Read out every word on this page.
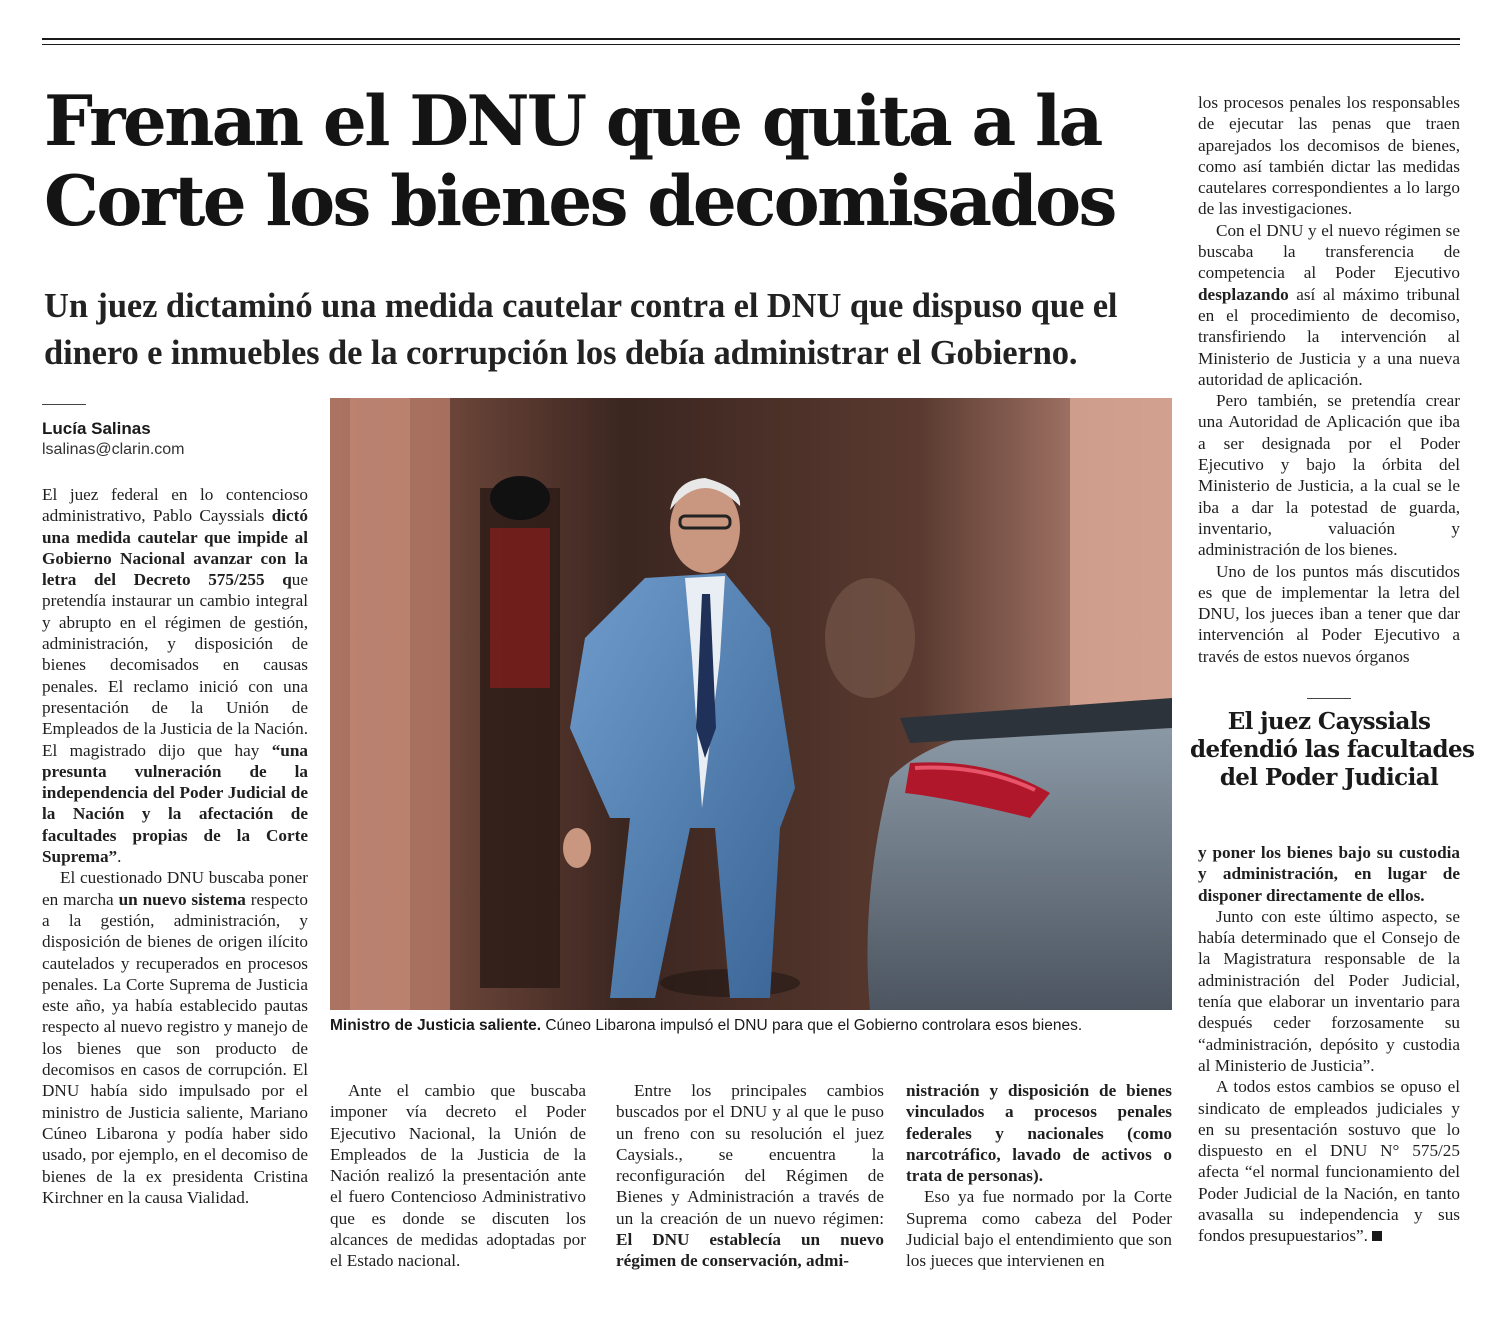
Frenan el DNU que quita a la
Corte los bienes decomisados
Un juez dictaminó una medida cautelar contra el DNU que dispuso que el
dinero e inmuebles de la corrupción los debía administrar el Gobierno.
Lucía Salinas
lsalinas@clarin.com

El juez federal en lo contencioso administrativo, Pablo Cayssials dictó una medida cautelar que impide al Gobierno Nacional avanzar con la letra del Decreto 575/255 que pretendía instaurar un cambio integral y abrupto en el régimen de gestión, administración, y disposición de bienes decomisados en causas penales. El reclamo inició con una presentación de la Unión de Empleados de la Justicia de la Nación. El magistrado dijo que hay “una presunta vulneración de la independencia del Poder Judicial de la Nación y la afectación de facultades propias de la Corte Suprema”.

El cuestionado DNU buscaba poner en marcha un nuevo sistema respecto a la gestión, administración, y disposición de bienes de origen ilícito cautelados y recuperados en procesos penales. La Corte Suprema de Justicia este año, ya había establecido pautas respecto al nuevo registro y manejo de los bienes que son producto de decomisos en casos de corrupción. El DNU había sido impulsado por el ministro de Justicia saliente, Mariano Cúneo Libarona y podía haber sido usado, por ejemplo, en el decomiso de bienes de la ex presidenta Cristina Kirchner en la causa Vialidad.

Ministro de Justicia saliente. Cúneo Libarona impulsó el DNU para que el Gobierno controlara esos bienes.

Ante el cambio que buscaba imponer vía decreto el Poder Ejecutivo Nacional, la Unión de Empleados de la Justicia de la Nación realizó la presentación ante el fuero Contencioso Administrativo que es donde se discuten los alcances de medidas adoptadas por el Estado nacional.

Entre los principales cambios buscados por el DNU y al que le puso un freno con su resolución el juez Caysials., se encuentra la reconfiguración del Régimen de Bienes y Administración a través de un la creación de un nuevo régimen: El DNU establecía un nuevo régimen de conservación, admi-

nistración y disposición de bienes vinculados a procesos penales federales y nacionales (como narcotráfico, lavado de activos o trata de personas).

Eso ya fue normado por la Corte Suprema como cabeza del Poder Judicial bajo el entendimiento que son los jueces que intervienen en

los procesos penales los responsables de ejecutar las penas que traen aparejados los decomisos de bienes, como así también dictar las medidas cautelares correspondientes a lo largo de las investigaciones.

Con el DNU y el nuevo régimen se buscaba la transferencia de competencia al Poder Ejecutivo desplazando así al máximo tribunal en el procedimiento de decomiso, transfiriendo la intervención al Ministerio de Justicia y a una nueva autoridad de aplicación.

Pero también, se pretendía crear una Autoridad de Aplicación que iba a ser designada por el Poder Ejecutivo y bajo la órbita del Ministerio de Justicia, a la cual se le iba a dar la potestad de guarda, inventario, valuación y administración de los bienes.

Uno de los puntos más discutidos es que de implementar la letra del DNU, los jueces iban a tener que dar intervención al Poder Ejecutivo a través de estos nuevos órganos

El juez Cayssials
defendió las facultades
del Poder Judicial

y poner los bienes bajo su custodia y administración, en lugar de disponer directamente de ellos.

Junto con este último aspecto, se había determinado que el Consejo de la Magistratura responsable de la administración del Poder Judicial, tenía que elaborar un inventario para después ceder forzosamente su “administración, depósito y custodia al Ministerio de Justicia”.

A todos estos cambios se opuso el sindicato de empleados judiciales y en su presentación sostuvo que lo dispuesto en el DNU N° 575/25 afecta “el normal funcionamiento del Poder Judicial de la Nación, en tanto avasalla su independencia y sus fondos presupuestarios”.
